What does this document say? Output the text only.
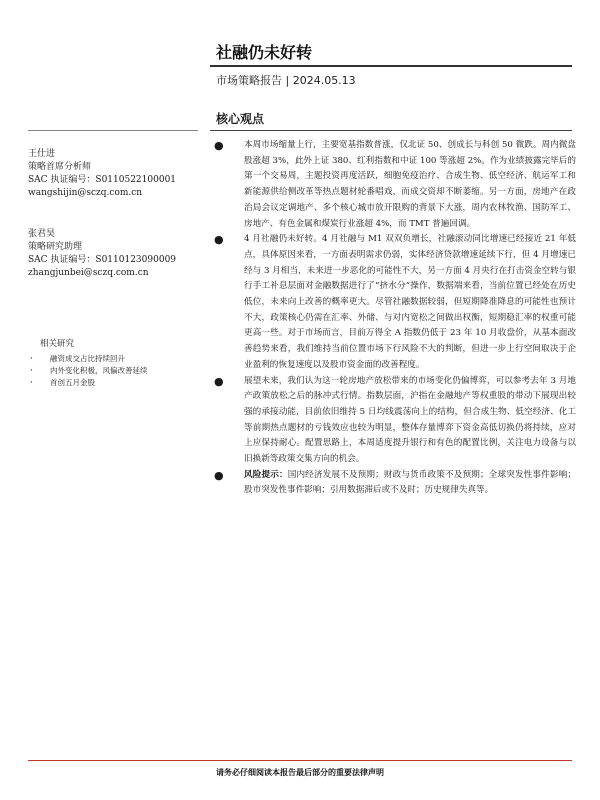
社融仍未好转
市场策略报告 | 2024.05.13
核心观点
王仕进
策略首席分析师
SAC 执证编号：S0110522100001
wangshijin@sczq.com.cn
张君昊
策略研究助理
SAC 执证编号：S0110123090009
zhangjunbei@sczq.com.cn
相关研究
· 融资成交占比持续回升
· 内外变化积极，风偏改善延续
· 首创五月金股
● 本周市场缩量上行，主要宽基指数普涨，仅北证 50、创成长与科创 50 微跌。周内微盘股涨超 3%，此外上证 380、红利指数和中证 100 等涨超 2%。作为业绩披露完毕后的第一个交易周，主题投资再度活跃，细胞免疫治疗、合成生物、低空经济、航运军工和新能源供给侧改革等热点题材轮番唱戏，而成交资却不断萎缩。另一方面，房地产在政治局会议定调地产、多个核心城市放开限购的背景下大涨，周内农林牧渔、国防军工、房地产、有色金属和煤炭行业涨超 4%，而 TMT 普遍回调。
● 4 月社融仍未好转。4 月社融与 M1 双双负增长，社融滚动同比增速已经接近 21 年低点，具体原因来看，一方面表明需求仍弱，实体经济贷款增速延续下行，但 4 月增速已经与 3 月相当，未来进一步恶化的可能性不大，另一方面 4 月央行在打击资金空转与银行手工补息层面对金融数据进行了“挤水分”操作，数据端来看，当前位置已经处在历史低位，未来向上改善的概率更大。尽管社融数据较弱，但短期降准降息的可能性也预计不大，政策核心仍需在汇率、外储、与对内宽松之间做出权衡，短期稳汇率的权重可能更高一些。对于市场而言，目前万得全 A 指数仍低于 23 年 10 月收盘价，从基本面改善趋势来看，我们维持当前位置市场下行风险不大的判断，但进一步上行空间取决于企业盈利的恢复速度以及股市资金面的改善程度。
● 展望未来，我们认为这一轮房地产放松带来的市场变化仍偏博弈，可以参考去年 3 月地产政策放松之后的脉冲式行情。指数层面，沪指在金融地产等权重股的带动下展现出较强的承接动能，目前依旧维持 5 日均线震荡向上的结构，但合成生物、低空经济、化工等前期热点题材的亏钱效应也较为明显，整体存量博弈下资金高低切换仍将持续，应对上应保持耐心。配置思路上，本周适度提升银行和有色的配置比例，关注电力设备与以旧换新等政策交集方向的机会。
● 风险提示：国内经济发展不及预期；财政与货币政策不及预期；全球突发性事件影响；股市突发性事件影响；引用数据滞后或不及时；历史规律失真等。
请务必仔细阅读本报告最后部分的重要法律声明
